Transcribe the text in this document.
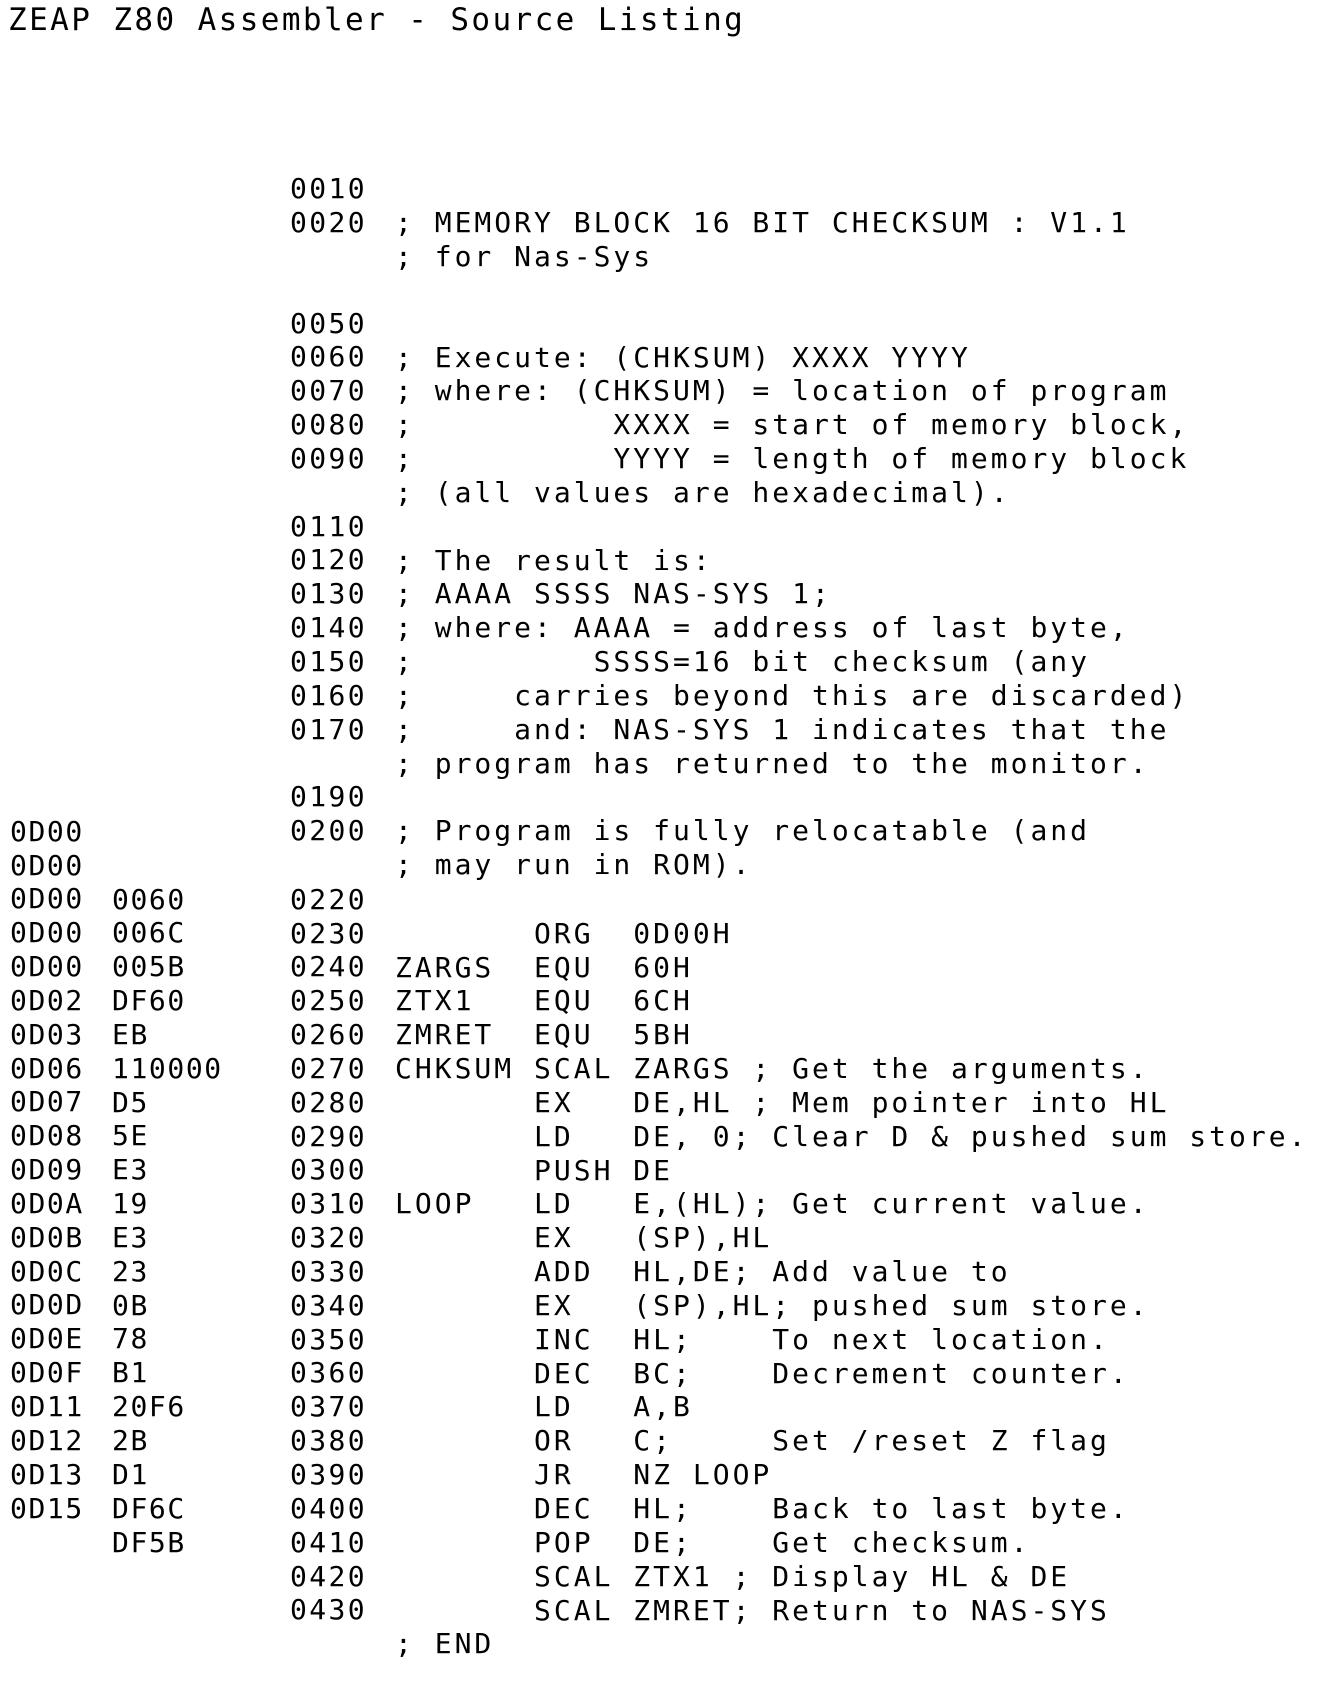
ZEAP Z80 Assembler - Source Listing

0010

; MEMORY BLOCK 16 BIT CHECKSUM : V1.1

0020

; for Nas-Sys

0050

; Execute: (CHKSUM) XXXX YYYY

0060

; where: (CHKSUM) = location of program

0070

;          XXXX = start of memory block,

0080

;          YYYY = length of memory block

0090

; (all values are hexadecimal).

0110

; The result is:

0120

; AAAA SSSS NAS-SYS 1;

0130

; where: AAAA = address of last byte,

0140

;         SSSS=16 bit checksum (any

0150

;     carries beyond this are discarded)

0160

;     and: NAS-SYS 1 indicates that the

0170

; program has returned to the monitor.

0190

; Program is fully relocatable (and

0200

; may run in ROM).

0D00

0220

ORG  0D00H

0D00

0060

0230

ZARGS  EQU  60H

0D00

006C

0240

ZTX1   EQU  6CH

0D00

005B

0250

ZMRET  EQU  5BH

0D00

DF60

0260

CHKSUM SCAL ZARGS ; Get the arguments.

0D02

EB

0270

EX   DE,HL ; Mem pointer into HL

0D03

110000

0280

LD   DE, 0; Clear D & pushed sum store.

0D06

D5

0290

PUSH DE

0D07

5E

0300

LOOP   LD   E,(HL); Get current value.

0D08

E3

0310

EX   (SP),HL

0D09

19

0320

ADD  HL,DE; Add value to

0D0A

E3

0330

EX   (SP),HL; pushed sum store.

0D0B

23

0340

INC  HL;    To next location.

0D0C

0B

0350

DEC  BC;    Decrement counter.

0D0D

78

0360

LD   A,B

0D0E

B1

0370

OR   C;     Set /reset Z flag

0D0F

20F6

0380

JR   NZ LOOP

0D11

2B

0390

DEC  HL;    Back to last byte.

0D12

D1

0400

POP  DE;    Get checksum.

0D13

DF6C

0410

SCAL ZTX1 ; Display HL & DE

0D15

DF5B

0420

SCAL ZMRET; Return to NAS-SYS

0430

; END
